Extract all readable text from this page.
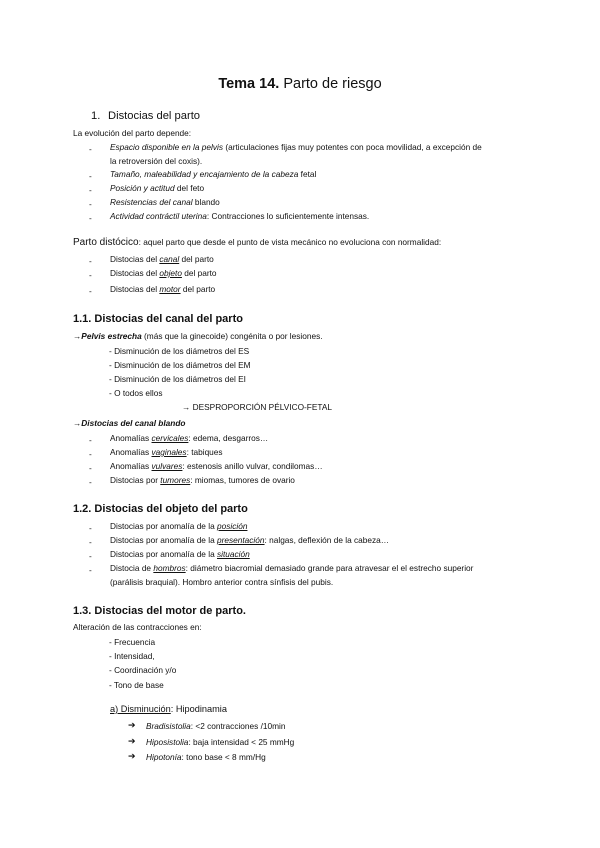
Tema 14. Parto de riesgo
1. Distocias del parto
La evolución del parto depende:
- Espacio disponible en la pelvis (articulaciones fijas muy potentes con poca movilidad, a excepción de
la retroversión del coxis).
- Tamaño, maleabilidad y encajamiento de la cabeza fetal
- Posición y actitud del feto
- Resistencias del canal blando
- Actividad contráctil uterina: Contracciones lo suficientemente intensas.
Parto distócico: aquel parto que desde el punto de vista mecánico no evoluciona con normalidad:
- Distocias del canal del parto
- Distocias del objeto del parto
- Distocias del motor del parto
1.1. Distocias del canal del parto
→Pelvis estrecha (más que la ginecoide) congénita o por lesiones.
- Disminución de los diámetros del ES
- Disminución de los diámetros del EM
- Disminución de los diámetros del EI
- O todos ellos
→ DESPROPORCIÓN PÉLVICO-FETAL
→Distocias del canal blando
- Anomalías cervicales: edema, desgarros…
- Anomalías vaginales: tabiques
- Anomalías vulvares: estenosis anillo vulvar, condilomas…
- Distocias por tumores: miomas, tumores de ovario
1.2. Distocias del objeto del parto
- Distocias por anomalía de la posición
- Distocias por anomalía de la presentación: nalgas, deflexión de la cabeza…
- Distocias por anomalía de la situación
- Distocia de hombros: diámetro biacromial demasiado grande para atravesar el el estrecho superior
(parálisis braquial). Hombro anterior contra sínfisis del pubis.
1.3. Distocias del motor de parto.
Alteración de las contracciones en:
- Frecuencia
- Intensidad,
- Coordinación y/o
- Tono de base
a) Disminución: Hipodinamia
➔ Bradisistolia: <2 contracciones /10min
➔ Hiposistolia: baja intensidad < 25 mmHg
➔ Hipotonía: tono base < 8 mm/Hg
